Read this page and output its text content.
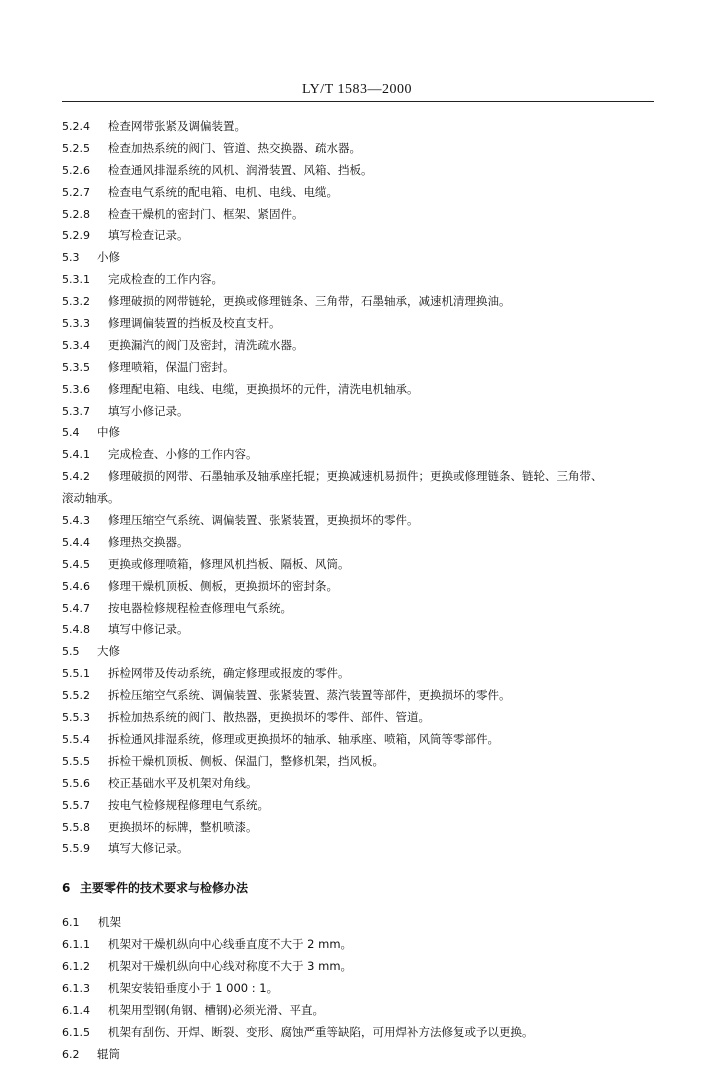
LY/T 1583—2000
5.2.4 检查网带张紧及调偏装置。
5.2.5 检查加热系统的阀门、管道、热交换器、疏水器。
5.2.6 检查通风排湿系统的风机、润滑装置、风箱、挡板。
5.2.7 检查电气系统的配电箱、电机、电线、电缆。
5.2.8 检查干燥机的密封门、框架、紧固件。
5.2.9 填写检查记录。
5.3 小修
5.3.1 完成检查的工作内容。
5.3.2 修理破损的网带链轮，更换或修理链条、三角带，石墨轴承，减速机清理换油。
5.3.3 修理调偏装置的挡板及校直支杆。
5.3.4 更换漏汽的阀门及密封，清洗疏水器。
5.3.5 修理喷箱，保温门密封。
5.3.6 修理配电箱、电线、电缆，更换损坏的元件，清洗电机轴承。
5.3.7 填写小修记录。
5.4 中修
5.4.1 完成检查、小修的工作内容。
5.4.2 修理破损的网带、石墨轴承及轴承座托辊；更换减速机易损件；更换或修理链条、链轮、三角带、
滚动轴承。
5.4.3 修理压缩空气系统、调偏装置、张紧装置，更换损坏的零件。
5.4.4 修理热交换器。
5.4.5 更换或修理喷箱，修理风机挡板、隔板、风筒。
5.4.6 修理干燥机顶板、侧板，更换损坏的密封条。
5.4.7 按电器检修规程检查修理电气系统。
5.4.8 填写中修记录。
5.5 大修
5.5.1 拆检网带及传动系统，确定修理或报废的零件。
5.5.2 拆检压缩空气系统、调偏装置、张紧装置、蒸汽装置等部件，更换损坏的零件。
5.5.3 拆检加热系统的阀门、散热器，更换损坏的零件、部件、管道。
5.5.4 拆检通风排湿系统，修理或更换损坏的轴承、轴承座、喷箱，风筒等零部件。
5.5.5 拆检干燥机顶板、侧板、保温门，整修机架，挡风板。
5.5.6 校正基础水平及机架对角线。
5.5.7 按电气检修规程修理电气系统。
5.5.8 更换损坏的标牌，整机喷漆。
5.5.9 填写大修记录。
6 主要零件的技术要求与检修办法
6.1 机架
6.1.1 机架对干燥机纵向中心线垂直度不大于 2 mm。
6.1.2 机架对干燥机纵向中心线对称度不大于 3 mm。
6.1.3 机架安装铅垂度小于 1 000 : 1。
6.1.4 机架用型钢(角钢、槽钢)必须光滑、平直。
6.1.5 机架有刮伤、开焊、断裂、变形、腐蚀严重等缺陷，可用焊补方法修复或予以更换。
6.2 辊筒
